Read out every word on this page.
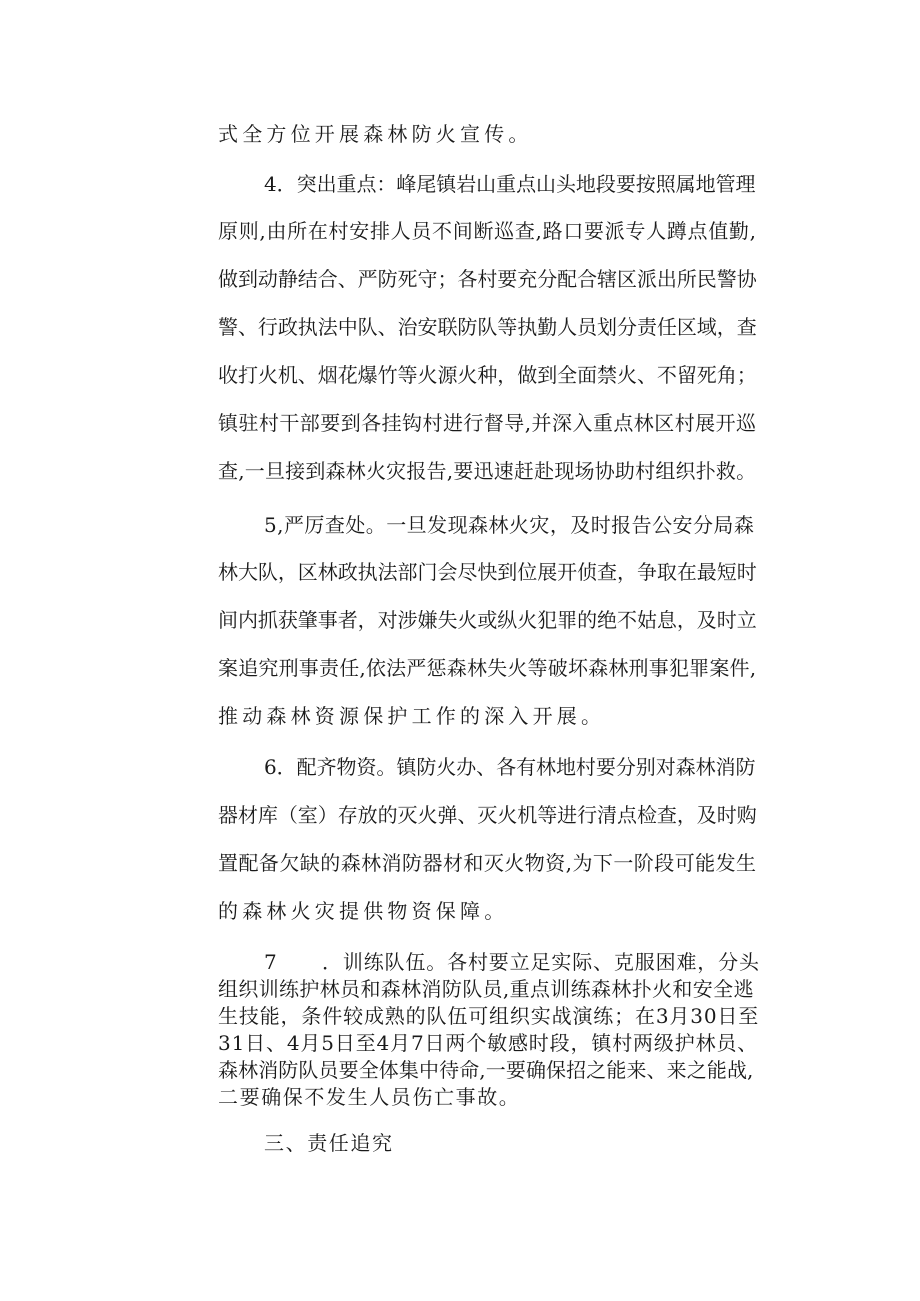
式全方位开展森林防火宣传。
4．突出重点：峰尾镇岩山重点山头地段要按照属地管理
原则,由所在村安排人员不间断巡查,路口要派专人蹲点值勤,
做到动静结合、严防死守；各村要充分配合辖区派出所民警协
警、行政执法中队、治安联防队等执勤人员划分责任区域，查
收打火机、烟花爆竹等火源火种，做到全面禁火、不留死角；
镇驻村干部要到各挂钩村进行督导,并深入重点林区村展开巡
查,一旦接到森林火灾报告,要迅速赶赴现场协助村组织扑救。
5,严厉查处。一旦发现森林火灾，及时报告公安分局森
林大队，区林政执法部门会尽快到位展开侦查，争取在最短时
间内抓获肇事者，对涉嫌失火或纵火犯罪的绝不姑息，及时立
案追究刑事责任,依法严惩森林失火等破坏森林刑事犯罪案件,
推动森林资源保护工作的深入开展。
6．配齐物资。镇防火办、各有林地村要分别对森林消防
器材库（室）存放的灭火弹、灭火机等进行清点检查，及时购
置配备欠缺的森林消防器材和灭火物资,为下一阶段可能发生
的森林火灾提供物资保障。
7 ．训练队伍。各村要立足实际、克服困难，分头
组织训练护林员和森林消防队员,重点训练森林扑火和安全逃
生技能，条件较成熟的队伍可组织实战演练；在3月30日至
31日、4月5日至4月7日两个敏感时段，镇村两级护林员、
森林消防队员要全体集中待命,一要确保招之能来、来之能战,
二要确保不发生人员伤亡事故。
三、责任追究
